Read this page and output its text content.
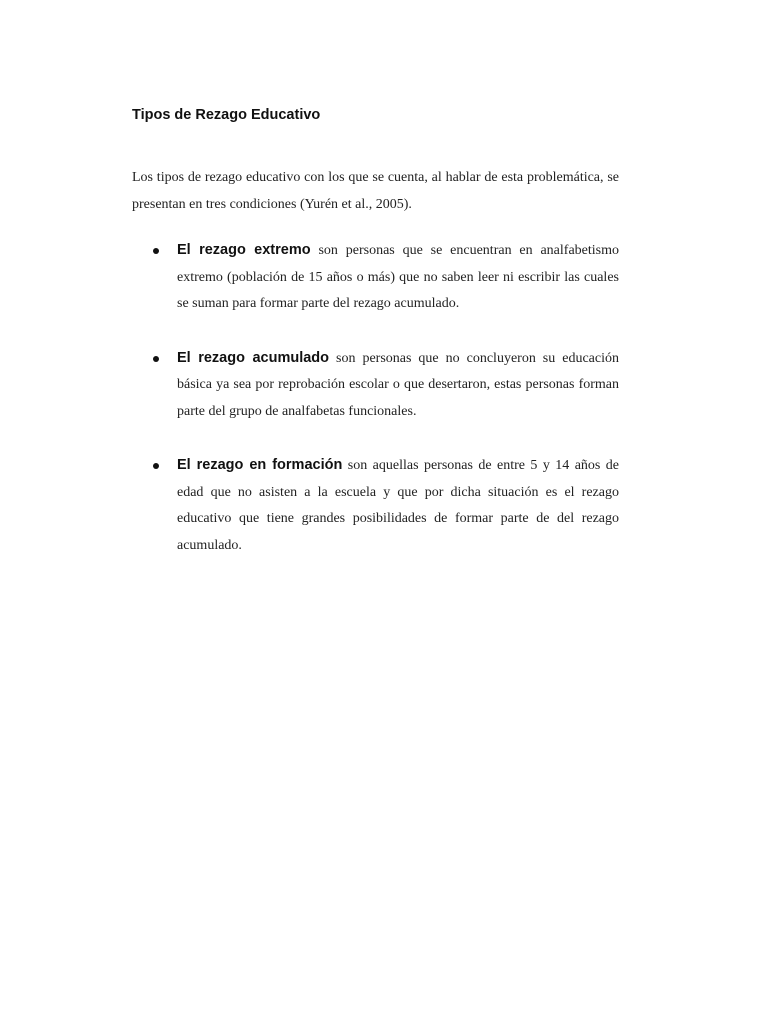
Tipos de Rezago Educativo

Los tipos de rezago educativo con los que se cuenta, al hablar de esta problemática, se presentan en tres condiciones (Yurén et al., 2005).

El rezago extremo son personas que se encuentran en analfabetismo extremo (población de 15 años o más) que no saben leer ni escribir las cuales se suman para formar parte del rezago acumulado.
El rezago acumulado son personas que no concluyeron su educación básica ya sea por reprobación escolar o que desertaron, estas personas forman parte del grupo de analfabetas funcionales.
El rezago en formación son aquellas personas de entre 5 y 14 años de edad que no asisten a la escuela y que por dicha situación es el rezago educativo que tiene grandes posibilidades de formar parte de del rezago acumulado.
